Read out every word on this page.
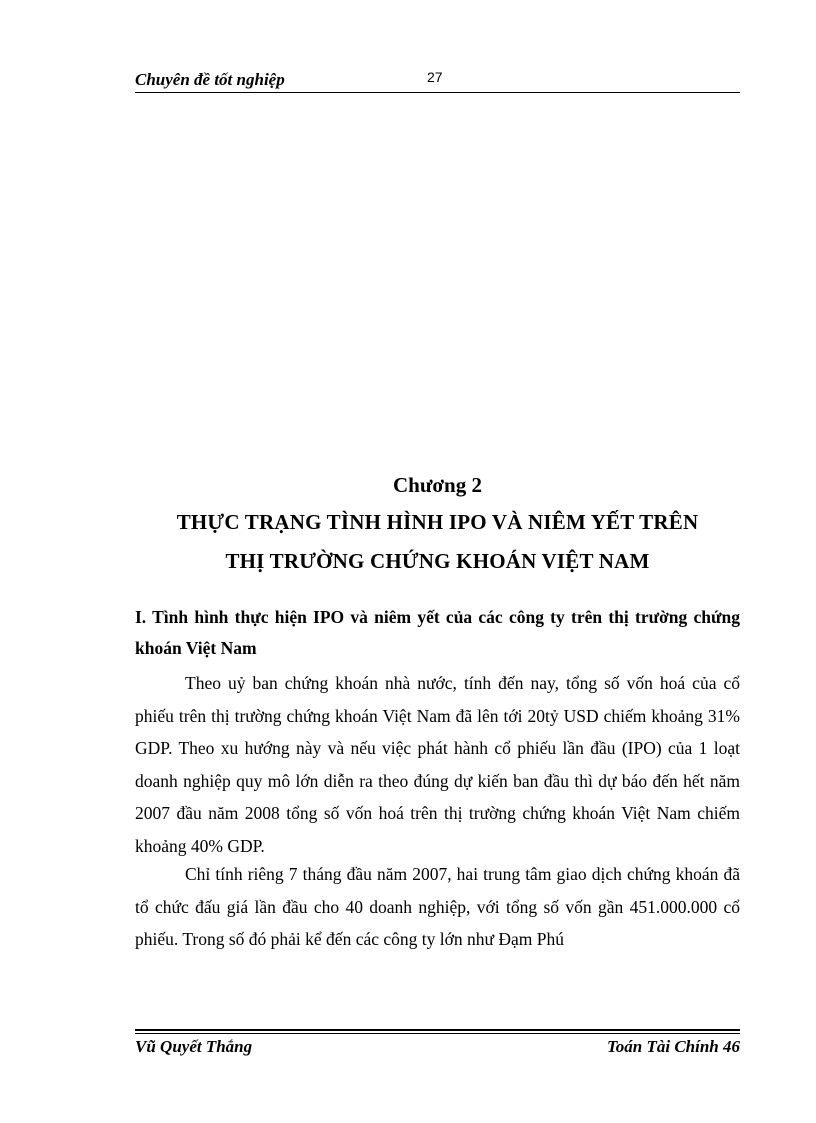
Chuyên đề tốt nghiệp	27
Chương 2
THỰC TRẠNG TÌNH HÌNH IPO VÀ NIÊM YẾT TRÊN
THỊ TRƯỜNG CHỨNG KHOÁN VIỆT NAM
I. Tình hình thực hiện IPO và niêm yết của các công ty trên thị trường chứng khoán Việt Nam

Theo uỷ ban chứng khoán nhà nước, tính đến nay, tổng số vốn hoá của cổ phiếu trên thị trường chứng khoán Việt Nam đã lên tới 20tỷ USD chiếm khoảng 31% GDP. Theo xu hướng này và nếu việc phát hành cổ phiếu lần đầu (IPO) của 1 loạt doanh nghiệp quy mô lớn diễn ra theo đúng dự kiến ban đầu thì dự báo đến hết năm 2007 đầu năm 2008 tổng số vốn hoá trên thị trường chứng khoán Việt Nam chiếm khoảng 40% GDP.

Chỉ tính riêng 7 tháng đầu năm 2007, hai trung tâm giao dịch chứng khoán đã tổ chức đấu giá lần đầu cho 40 doanh nghiệp, với tổng số vốn gần 451.000.000 cổ phiếu. Trong số đó phải kể đến các công ty lớn như Đạm Phú

Vũ Quyết Thắng	Toán Tài Chính 46
